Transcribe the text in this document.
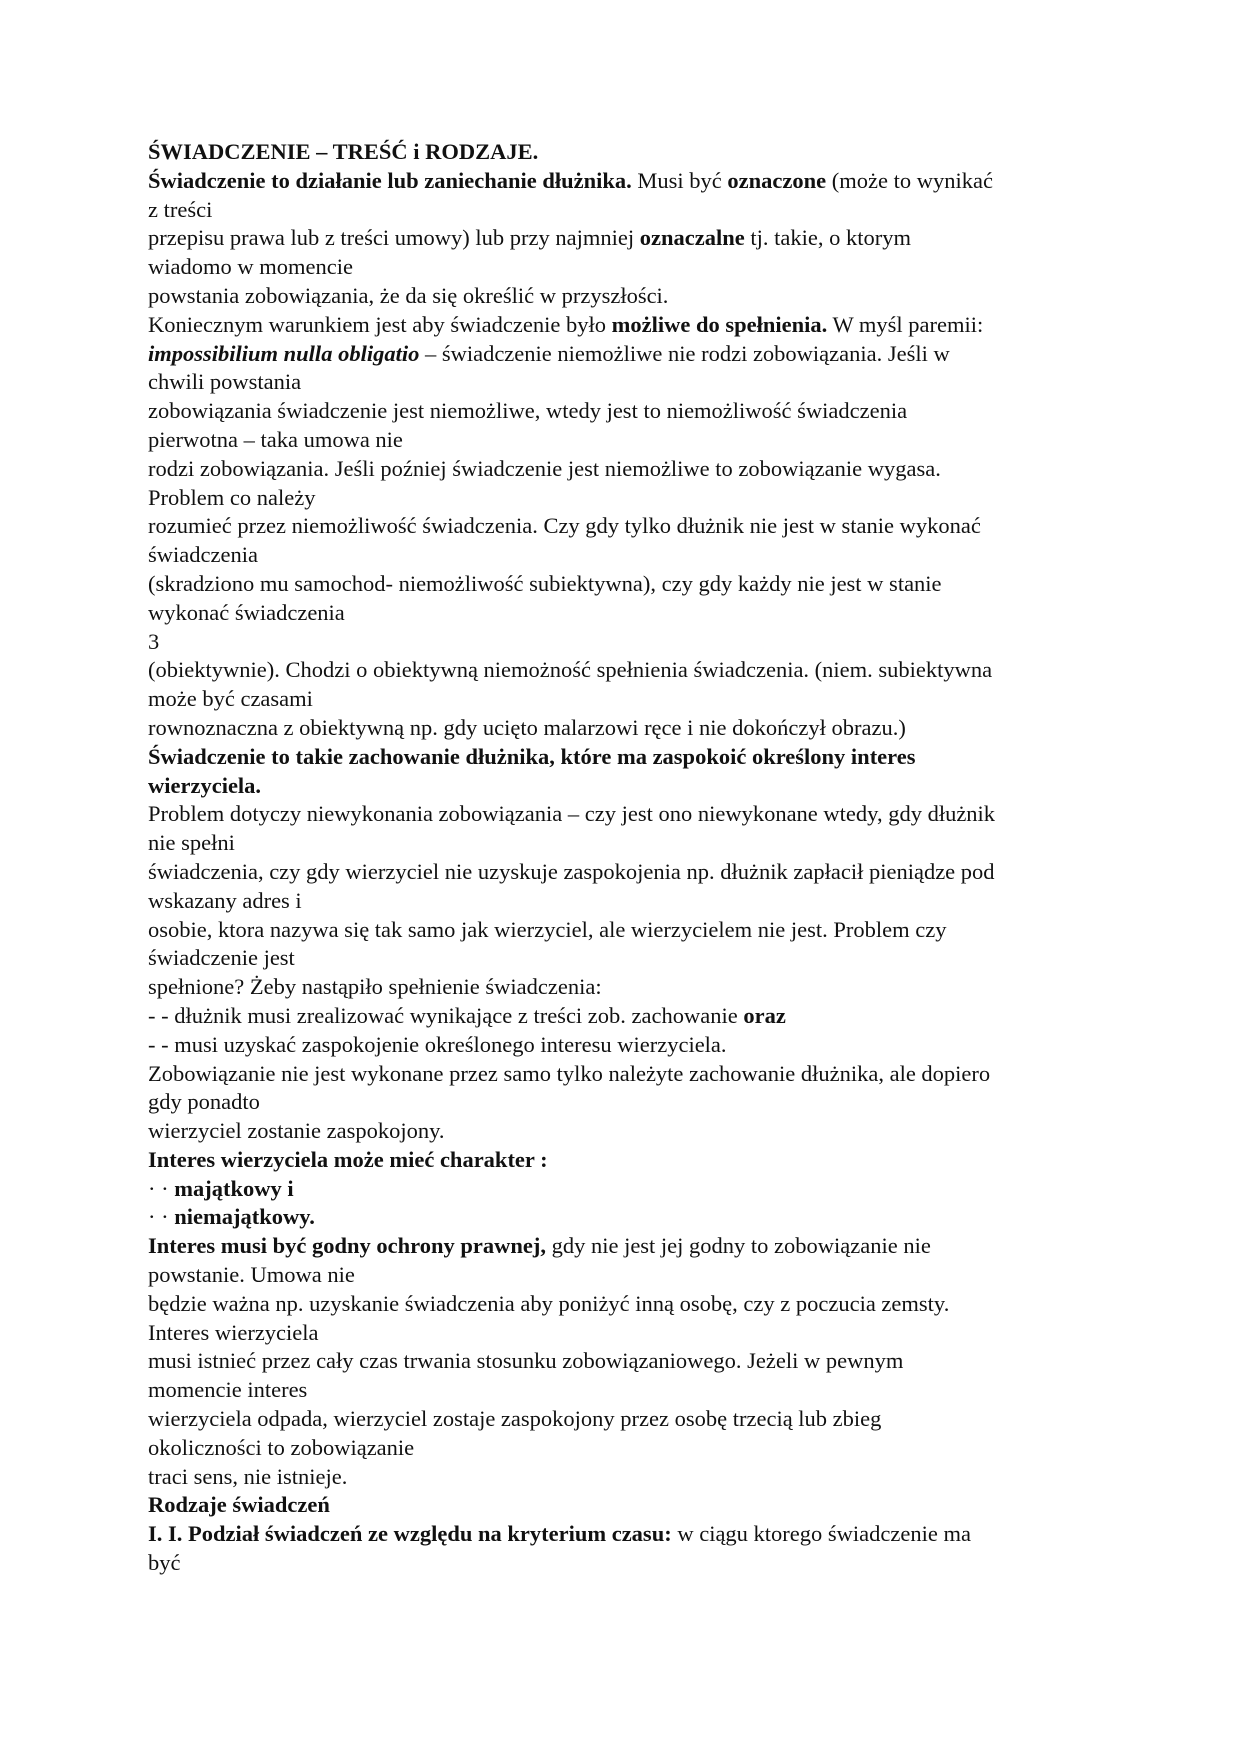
ŚWIADCZENIE – TREŚĆ i RODZAJE.
Świadczenie to działanie lub zaniechanie dłużnika. Musi być oznaczone (może to wynikać
z treści
przepisu prawa lub z treści umowy) lub przy najmniej oznaczalne tj. takie, o ktorym
wiadomo w momencie
powstania zobowiązania, że da się określić w przyszłości.
Koniecznym warunkiem jest aby świadczenie było możliwe do spełnienia. W myśl paremii:
impossibilium nulla obligatio – świadczenie niemożliwe nie rodzi zobowiązania. Jeśli w
chwili powstania
zobowiązania świadczenie jest niemożliwe, wtedy jest to niemożliwość świadczenia
pierwotna – taka umowa nie
rodzi zobowiązania. Jeśli poźniej świadczenie jest niemożliwe to zobowiązanie wygasa.
Problem co należy
rozumieć przez niemożliwość świadczenia. Czy gdy tylko dłużnik nie jest w stanie wykonać
świadczenia
(skradziono mu samochod- niemożliwość subiektywna), czy gdy każdy nie jest w stanie
wykonać świadczenia
3
(obiektywnie). Chodzi o obiektywną niemożność spełnienia świadczenia. (niem. subiektywna
może być czasami
rownoznaczna z obiektywną np. gdy ucięto malarzowi ręce i nie dokończył obrazu.)
Świadczenie to takie zachowanie dłużnika, które ma zaspokoić określony interes
wierzyciela.
Problem dotyczy niewykonania zobowiązania – czy jest ono niewykonane wtedy, gdy dłużnik
nie spełni
świadczenia, czy gdy wierzyciel nie uzyskuje zaspokojenia np. dłużnik zapłacił pieniądze pod
wskazany adres i
osobie, ktora nazywa się tak samo jak wierzyciel, ale wierzycielem nie jest. Problem czy
świadczenie jest
spełnione? Żeby nastąpiło spełnienie świadczenia:
- - dłużnik musi zrealizować wynikające z treści zob. zachowanie oraz
- - musi uzyskać zaspokojenie określonego interesu wierzyciela.
Zobowiązanie nie jest wykonane przez samo tylko należyte zachowanie dłużnika, ale dopiero
gdy ponadto
wierzyciel zostanie zaspokojony.
Interes wierzyciela może mieć charakter :
· · majątkowy i
· · niemajątkowy.
Interes musi być godny ochrony prawnej, gdy nie jest jej godny to zobowiązanie nie
powstanie. Umowa nie
będzie ważna np. uzyskanie świadczenia aby poniżyć inną osobę, czy z poczucia zemsty.
Interes wierzyciela
musi istnieć przez cały czas trwania stosunku zobowiązaniowego. Jeżeli w pewnym
momencie interes
wierzyciela odpada, wierzyciel zostaje zaspokojony przez osobę trzecią lub zbieg
okoliczności to zobowiązanie
traci sens, nie istnieje.
Rodzaje świadczeń
I. I. Podział świadczeń ze względu na kryterium czasu: w ciągu ktorego świadczenie ma
być
